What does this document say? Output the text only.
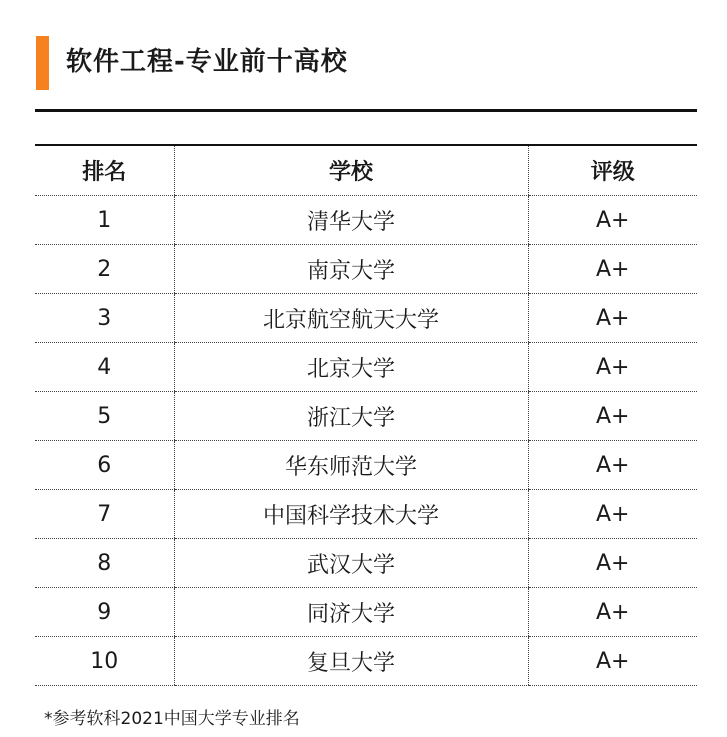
软件工程-专业前十高校
排名	学校	评级
1	清华大学	A+
2	南京大学	A+
3	北京航空航天大学	A+
4	北京大学	A+
5	浙江大学	A+
6	华东师范大学	A+
7	中国科学技术大学	A+
8	武汉大学	A+
9	同济大学	A+
10	复旦大学	A+
*参考软科2021中国大学专业排名
